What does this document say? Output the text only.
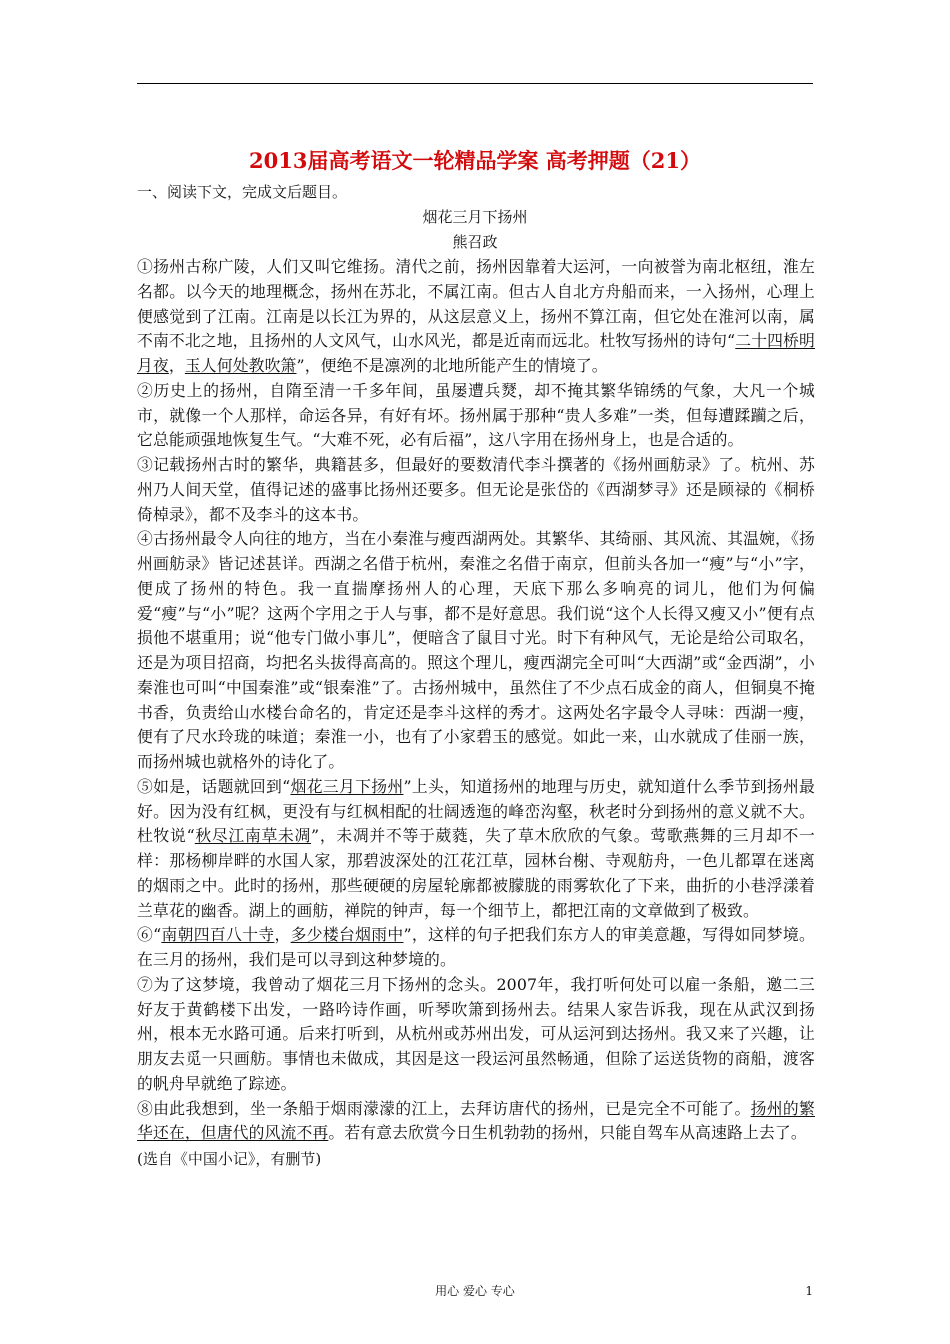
2013届高考语文一轮精品学案 高考押题（21）

一、阅读下文，完成文后题目。

烟花三月下扬州

熊召政

①扬州古称广陵，人们又叫它维扬。清代之前，扬州因靠着大运河，一向被誉为南北枢纽，淮左名都。以今天的地理概念，扬州在苏北，不属江南。但古人自北方舟船而来，一入扬州，心理上便感觉到了江南。江南是以长江为界的，从这层意义上，扬州不算江南，但它处在淮河以南，属不南不北之地，且扬州的人文风气，山水风光，都是近南而远北。杜牧写扬州的诗句“二十四桥明月夜，玉人何处教吹箫”，便绝不是凛冽的北地所能产生的情境了。

②历史上的扬州，自隋至清一千多年间，虽屡遭兵燹，却不掩其繁华锦绣的气象，大凡一个城市，就像一个人那样，命运各异，有好有坏。扬州属于那种“贵人多难”一类，但每遭蹂躏之后，它总能顽强地恢复生气。“大难不死，必有后福”，这八字用在扬州身上，也是合适的。

③记载扬州古时的繁华，典籍甚多，但最好的要数清代李斗撰著的《扬州画舫录》了。杭州、苏州乃人间天堂，值得记述的盛事比扬州还要多。但无论是张岱的《西湖梦寻》还是顾禄的《桐桥倚棹录》，都不及李斗的这本书。

④古扬州最令人向往的地方，当在小秦淮与瘦西湖两处。其繁华、其绮丽、其风流、其温婉，《扬州画舫录》皆记述甚详。西湖之名借于杭州，秦淮之名借于南京，但前头各加一“瘦”与“小”字，便成了扬州的特色。我一直揣摩扬州人的心理，天底下那么多响亮的词儿，他们为何偏爱“瘦”与“小”呢？这两个字用之于人与事，都不是好意思。我们说“这个人长得又瘦又小”便有点损他不堪重用；说“他专门做小事儿”，便暗含了鼠目寸光。时下有种风气，无论是给公司取名，还是为项目招商，均把名头拔得高高的。照这个理儿，瘦西湖完全可叫“大西湖”或“金西湖”，小秦淮也可叫“中国秦淮”或“银秦淮”了。古扬州城中，虽然住了不少点石成金的商人，但铜臭不掩书香，负责给山水楼台命名的，肯定还是李斗这样的秀才。这两处名字最令人寻味：西湖一瘦，便有了尺水玲珑的味道；秦淮一小，也有了小家碧玉的感觉。如此一来，山水就成了佳丽一族，而扬州城也就格外的诗化了。

⑤如是，话题就回到“烟花三月下扬州”上头，知道扬州的地理与历史，就知道什么季节到扬州最好。因为没有红枫，更没有与红枫相配的壮阔透迤的峰峦沟壑，秋老时分到扬州的意义就不大。杜牧说“秋尽江南草未凋”，未凋并不等于葳蕤，失了草木欣欣的气象。莺歌燕舞的三月却不一样：那杨柳岸畔的水国人家，那碧波深处的江花江草，园林台榭、寺观舫舟，一色儿都罩在迷离的烟雨之中。此时的扬州，那些硬硬的房屋轮廓都被朦胧的雨雾软化了下来，曲折的小巷浮漾着兰草花的幽香。湖上的画舫，禅院的钟声，每一个细节上，都把江南的文章做到了极致。

⑥“南朝四百八十寺，多少楼台烟雨中”，这样的句子把我们东方人的审美意趣，写得如同梦境。在三月的扬州，我们是可以寻到这种梦境的。

⑦为了这梦境，我曾动了烟花三月下扬州的念头。2007年，我打听何处可以雇一条船，邀二三好友于黄鹤楼下出发，一路吟诗作画，听琴吹箫到扬州去。结果人家告诉我，现在从武汉到扬州，根本无水路可通。后来打听到，从杭州或苏州出发，可从运河到达扬州。我又来了兴趣，让朋友去觅一只画舫。事情也未做成，其因是这一段运河虽然畅通，但除了运送货物的商船，渡客的帆舟早就绝了踪迹。

⑧由此我想到，坐一条船于烟雨濛濛的江上，去拜访唐代的扬州，已是完全不可能了。扬州的繁华还在，但唐代的风流不再。若有意去欣赏今日生机勃勃的扬州，只能自驾车从高速路上去了。

(选自《中国小记》，有删节)

用心 爱心 专心	1
